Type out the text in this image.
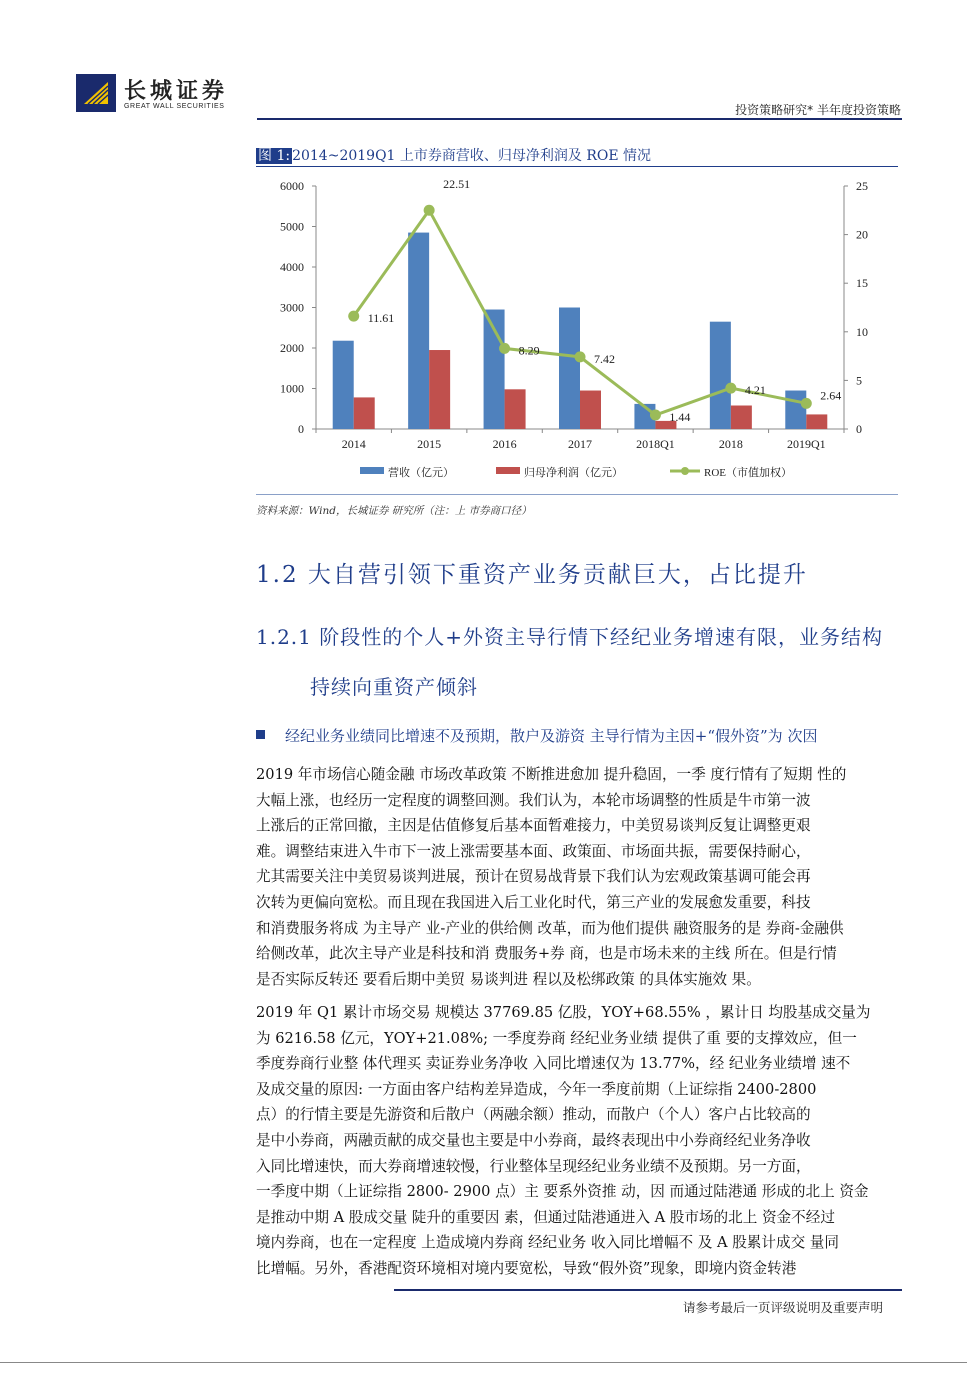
长城证券
GREAT WALL SECURITIES	投资策略研究* 半年度投资策略
图 1: 2014~2019Q1 上市券商营收、归母净利润及 ROE 情况
0
1000
2000
3000
4000
5000
6000
0
5
10
15
20
25
2014	2015	2016	2017	2018Q1	2018	2019Q1
11.61
22.51
8.29
7.42
1.44
4.21	2.64
营收（亿元）	归母净利润（亿元）	ROE（市值加权）
资料来源：Wind，长城证券 研究所（注：上 市券商口径）
1.2 大自营引领下重资产业务贡献巨大，占比提升
1.2.1 阶段性的个人+外资主导行情下经纪业务增速有限，业务结构
持续向重资产倾斜
经纪业务业绩同比增速不及预期，散户及游资 主导行情为主因+“假外资”为 次因
2019 年市场信心随金融 市场改革政策 不断推进愈加 提升稳固，一季 度行情有了短期 性的
大幅上涨，也经历一定程度的调整回测。我们认为，本轮市场调整的性质是牛市第一波
上涨后的正常回撤，主因是估值修复后基本面暂难接力，中美贸易谈判反复让调整更艰
难。调整结束进入牛市下一波上涨需要基本面、政策面、市场面共振，需要保持耐心，
尤其需要关注中美贸易谈判进展，预计在贸易战背景下我们认为宏观政策基调可能会再
次转为更偏向宽松。而且现在我国进入后工业化时代，第三产业的发展愈发重要，科技
和消费服务将成 为主导产 业-产业的供给侧 改革，而为他们提供 融资服务的是 券商-金融供
给侧改革，此次主导产业是科技和消 费服务+券 商，也是市场未来的主线 所在。但是行情
是否实际反转还 要看后期中美贸 易谈判进 程以及松绑政策 的具体实施效 果。
2019 年 Q1 累计市场交易 规模达 37769.85 亿股，YOY+68.55% ，累计日 均股基成交量为
为 6216.58 亿元，YOY+21.08%; 一季度券商 经纪业务业绩 提供了重 要的支撑效应，但一
季度券商行业整 体代理买 卖证券业务净收 入同比增速仅为 13.77%，经 纪业务业绩增 速不
及成交量的原因: 一方面由客户结构差异造成，今年一季度前期（上证综指 2400-2800
点）的行情主要是先游资和后散户（两融余额）推动，而散户（个人）客户占比较高的
是中小券商，两融贡献的成交量也主要是中小券商，最终表现出中小券商经纪业务净收
入同比增速快，而大券商增速较慢，行业整体呈现经纪业务业绩不及预期。另一方面，
一季度中期（上证综指 2800- 2900 点）主 要系外资推 动，因 而通过陆港通 形成的北上 资金
是推动中期 A 股成交量 陡升的重要因 素，但通过陆港通进入 A 股市场的北上 资金不经过
境内券商，也在一定程度 上造成境内券商 经纪业务 收入同比增幅不 及 A 股累计成交 量同
比增幅。另外，香港配资环境相对境内要宽松，导致“假外资”现象，即境内资金转港
请参考最后一页评级说明及重要声明
